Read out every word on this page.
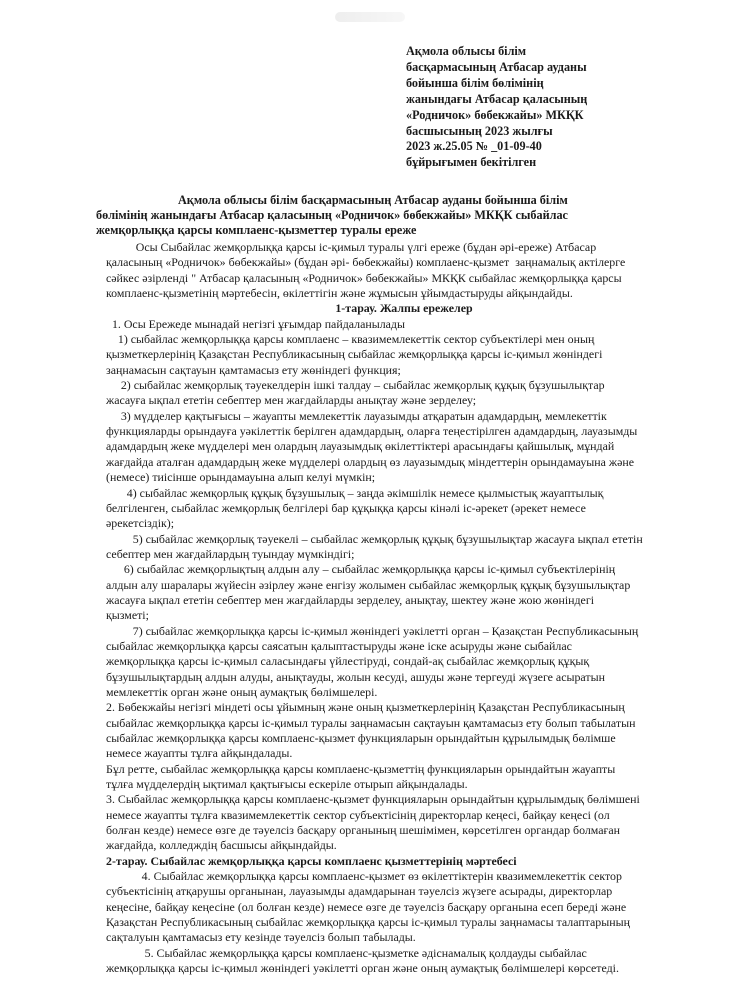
Ақмола облысы білім
басқармасының Атбасар ауданы
бойынша білім бөлімінің
жанындағы Атбасар қаласының
«Родничок» бөбекжайы» МКҚК
басшысының 2023 жылғы
2023 ж.25.05 № _01-09-40
бұйрығымен бекітілген
Ақмола облысы білім басқармасының Атбасар ауданы бойынша білім
бөлімінің жанындағы Атбасар қаласының «Родничок» бөбекжайы» МКҚК сыбайлас
жемқорлыққа қарсы комплаенс-қызметтер туралы ереже
Осы Сыбайлас жемқорлыққа қарсы іс-қимыл туралы үлгі ереже (бұдан әрі-ереже) Атбасар
қаласының «Родничок» бөбекжайы» (бұдан әрі- бөбекжайы) комплаенс-қызмет  заңнамалық актілерге
сәйкес әзірленді " Атбасар қаласының «Родничок» бөбекжайы» МКҚК сыбайлас жемқорлыққа қарсы
комплаенс-қызметінің мәртебесін, өкілеттігін және жұмысын ұйымдастыруды айқындайды.
1-тарау. Жалпы ережелер
1. Осы Ережеде мынадай негізгі ұғымдар пайдаланылады
1) сыбайлас жемқорлыққа қарсы комплаенс – квазимемлекеттік сектор субъектілері мен оның
қызметкерлерінің Қазақстан Республикасының сыбайлас жемқорлыққа қарсы іс-қимыл жөніндегі
заңнамасын сақтауын қамтамасыз ету жөніндегі функция;
2) сыбайлас жемқорлық тәуекелдерін ішкі талдау – сыбайлас жемқорлық құқық бұзушылықтар
жасауға ықпал ететін себептер мен жағдайларды анықтау және зерделеу;
3) мүдделер қақтығысы – жауапты мемлекеттік лауазымды атқаратын адамдардың, мемлекеттік
функцияларды орындауға уәкілеттік берілген адамдардың, оларға теңестірілген адамдардың, лауазымды
адамдардың жеке мүдделері мен олардың лауазымдық өкілеттіктері арасындағы қайшылық, мұндай
жағдайда аталған адамдардың жеке мүдделері олардың өз лауазымдық міндеттерін орындамауына және
(немесе) тиісінше орындамауына алып келуі мүмкін;
4) сыбайлас жемқорлық құқық бұзушылық – заңда әкімшілік немесе қылмыстық жауаптылық
белгіленген, сыбайлас жемқорлық белгілері бар құқыққа қарсы кінәлі іс-әрекет (әрекет немесе
әрекетсіздік);
5) сыбайлас жемқорлық тәуекелі – сыбайлас жемқорлық құқық бұзушылықтар жасауға ықпал ететін
себептер мен жағдайлардың туындау мүмкіндігі;
6) сыбайлас жемқорлықтың алдын алу – сыбайлас жемқорлыққа қарсы іс-қимыл субъектілерінің
алдын алу шаралары жүйесін әзірлеу және енгізу жолымен сыбайлас жемқорлық құқық бұзушылықтар
жасауға ықпал ететін себептер мен жағдайларды зерделеу, анықтау, шектеу және жою жөніндегі
қызметі;
7) сыбайлас жемқорлыққа қарсы іс-қимыл жөніндегі уәкілетті орган – Қазақстан Республикасының
сыбайлас жемқорлыққа қарсы саясатын қалыптастыруды және іске асыруды және сыбайлас
жемқорлыққа қарсы іс-қимыл саласындағы үйлестіруді, сондай-ақ сыбайлас жемқорлық құқық
бұзушылықтардың алдын алуды, анықтауды, жолын кесуді, ашуды және тергеуді жүзеге асыратын
мемлекеттік орган және оның аумақтық бөлімшелері.
2. Бөбекжайы негізгі міндеті осы ұйымның және оның қызметкерлерінің Қазақстан Республикасының
сыбайлас жемқорлыққа қарсы іс-қимыл туралы заңнамасын сақтауын қамтамасыз ету болып табылатын
сыбайлас жемқорлыққа қарсы комплаенс-қызмет функцияларын орындайтын құрылымдық бөлімше
немесе жауапты тұлға айқындалады.
Бұл ретте, сыбайлас жемқорлыққа қарсы комплаенс-қызметтің функцияларын орындайтын жауапты
тұлға мүдделердің ықтимал қақтығысы ескеріле отырып айқындалады.
3. Сыбайлас жемқорлыққа қарсы комплаенс-қызмет функцияларын орындайтын құрылымдық бөлімшені
немесе жауапты тұлға квазимемлекеттік сектор субъектісінің директорлар кеңесі, байқау кеңесі (ол
болған кезде) немесе өзге де тәуелсіз басқару органының шешімімен, көрсетілген органдар болмаған
жағдайда, колледждің басшысы айқындайды.
2-тарау. Сыбайлас жемқорлыққа қарсы комплаенс қызметтерінің мәртебесі
4. Сыбайлас жемқорлыққа қарсы комплаенс-қызмет өз өкілеттіктерін квазимемлекеттік сектор
субъектісінің атқарушы органынан, лауазымды адамдарынан тәуелсіз жүзеге асырады, директорлар
кеңесіне, байқау кеңесіне (ол болған кезде) немесе өзге де тәуелсіз басқару органына есеп береді және
Қазақстан Республикасының сыбайлас жемқорлыққа қарсы іс-қимыл туралы заңнамасы талаптарының
сақталуын қамтамасыз ету кезінде тәуелсіз болып табылады.
5. Сыбайлас жемқорлыққа қарсы комплаенс-қызметке әдіснамалық қолдауды сыбайлас
жемқорлыққа қарсы іс-қимыл жөніндегі уәкілетті орган және оның аумақтық бөлімшелері көрсетеді.
